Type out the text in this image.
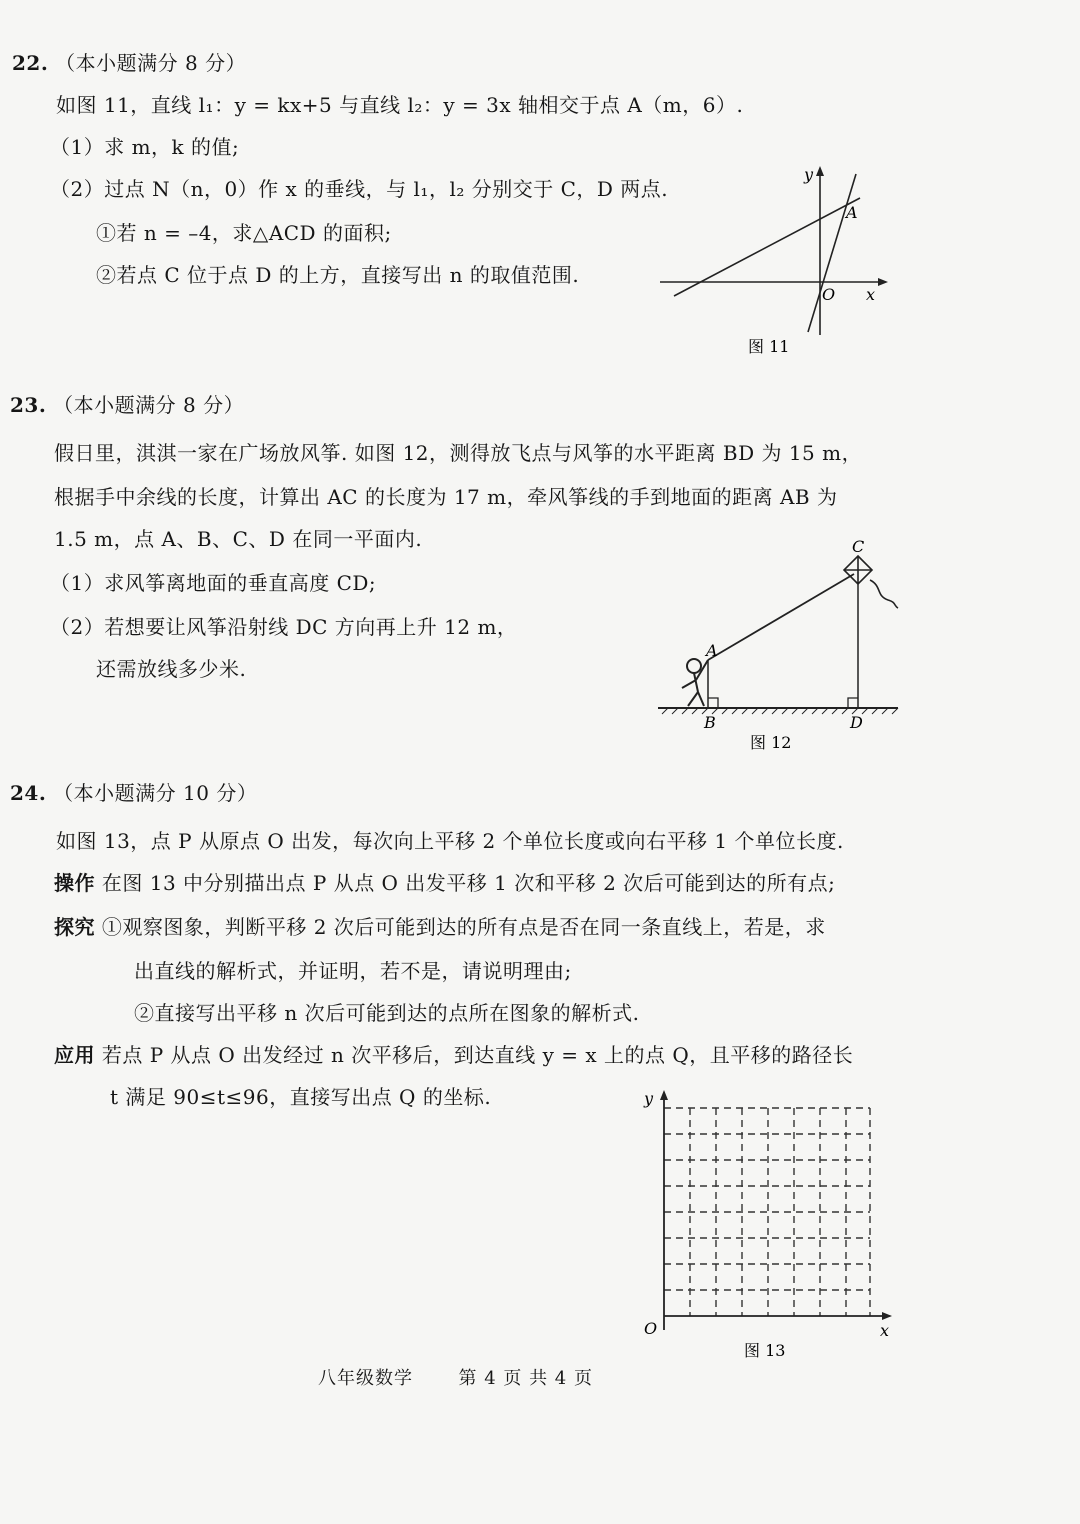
22. （本小题满分 8 分）
如图 11，直线 l₁：y = kx+5 与直线 l₂：y = 3x 轴相交于点 A（m，6）.
（1）求 m，k 的值;
（2）过点 N（n，0）作 x 的垂线，与 l₁，l₂ 分别交于 C，D 两点.
①若 n = –4，求△ACD 的面积;
②若点 C 位于点 D 的上方，直接写出 n 的取值范围.
y
A
O x
图 11
23. （本小题满分 8 分）
假日里，淇淇一家在广场放风筝. 如图 12，测得放飞点与风筝的水平距离 BD 为 15 m，
根据手中余线的长度，计算出 AC 的长度为 17 m，牵风筝线的手到地面的距离 AB 为
1.5 m，点 A、B、C、D 在同一平面内.
（1）求风筝离地面的垂直高度 CD;
（2）若想要让风筝沿射线 DC 方向再上升 12 m，
还需放线多少米.
C
A
B	D
图 12
24. （本小题满分 10 分）
如图 13，点 P 从原点 O 出发，每次向上平移 2 个单位长度或向右平移 1 个单位长度.
操作 在图 13 中分别描出点 P 从点 O 出发平移 1 次和平移 2 次后可能到达的所有点;
探究 ①观察图象，判断平移 2 次后可能到达的所有点是否在同一条直线上，若是，求
出直线的解析式，并证明，若不是，请说明理由;
②直接写出平移 n 次后可能到达的点所在图象的解析式.
应用 若点 P 从点 O 出发经过 n 次平移后，到达直线 y = x 上的点 Q，且平移的路径长
t 满足 90≤t≤96，直接写出点 Q 的坐标.	y
O	x
图 13
八年级数学	第 4 页 共 4 页
